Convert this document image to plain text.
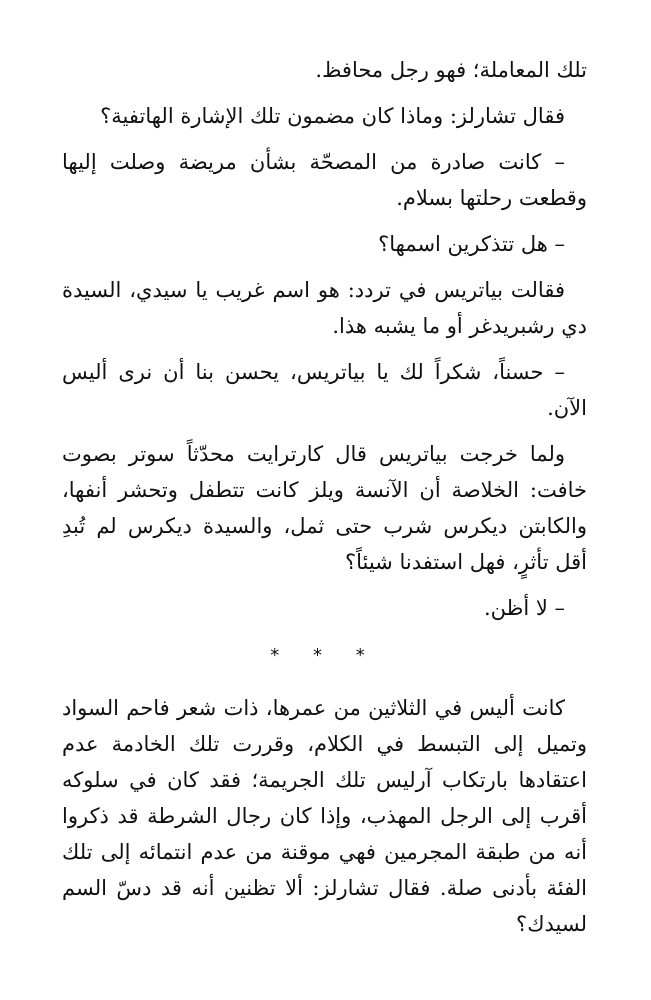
تلك المعاملة؛ فهو رجل محافظ.

فقال تشارلز: وماذا كان مضمون تلك الإشارة الهاتفية؟

– كانت صادرة من المصحّة بشأن مريضة وصلت إليها وقطعت رحلتها بسلام.

– هل تتذكرين اسمها؟

فقالت بياتريس في تردد: هو اسم غريب يا سيدي، السيدة دي رشبريدغر أو ما يشبه هذا.

– حسناً، شكراً لك يا بياتريس، يحسن بنا أن نرى أليس الآن.

ولما خرجت بياتريس قال كارترايت محدّثاً سوتر بصوت خافت: الخلاصة أن الآنسة ويلز كانت تتطفل وتحشر أنفها، والكابتن ديكرس شرب حتى ثمل، والسيدة ديكرس لم تُبدِ أقل تأثرٍ، فهل استفدنا شيئاً؟

– لا أظن.

* * *

كانت أليس في الثلاثين من عمرها، ذات شعر فاحم السواد وتميل إلى التبسط في الكلام، وقررت تلك الخادمة عدم اعتقادها بارتكاب آرليس تلك الجريمة؛ فقد كان في سلوكه أقرب إلى الرجل المهذب، وإذا كان رجال الشرطة قد ذكروا أنه من طبقة المجرمين فهي موقنة من عدم انتمائه إلى تلك الفئة بأدنى صلة. فقال تشارلز: ألا تظنين أنه قد دسّ السم لسيدك؟
